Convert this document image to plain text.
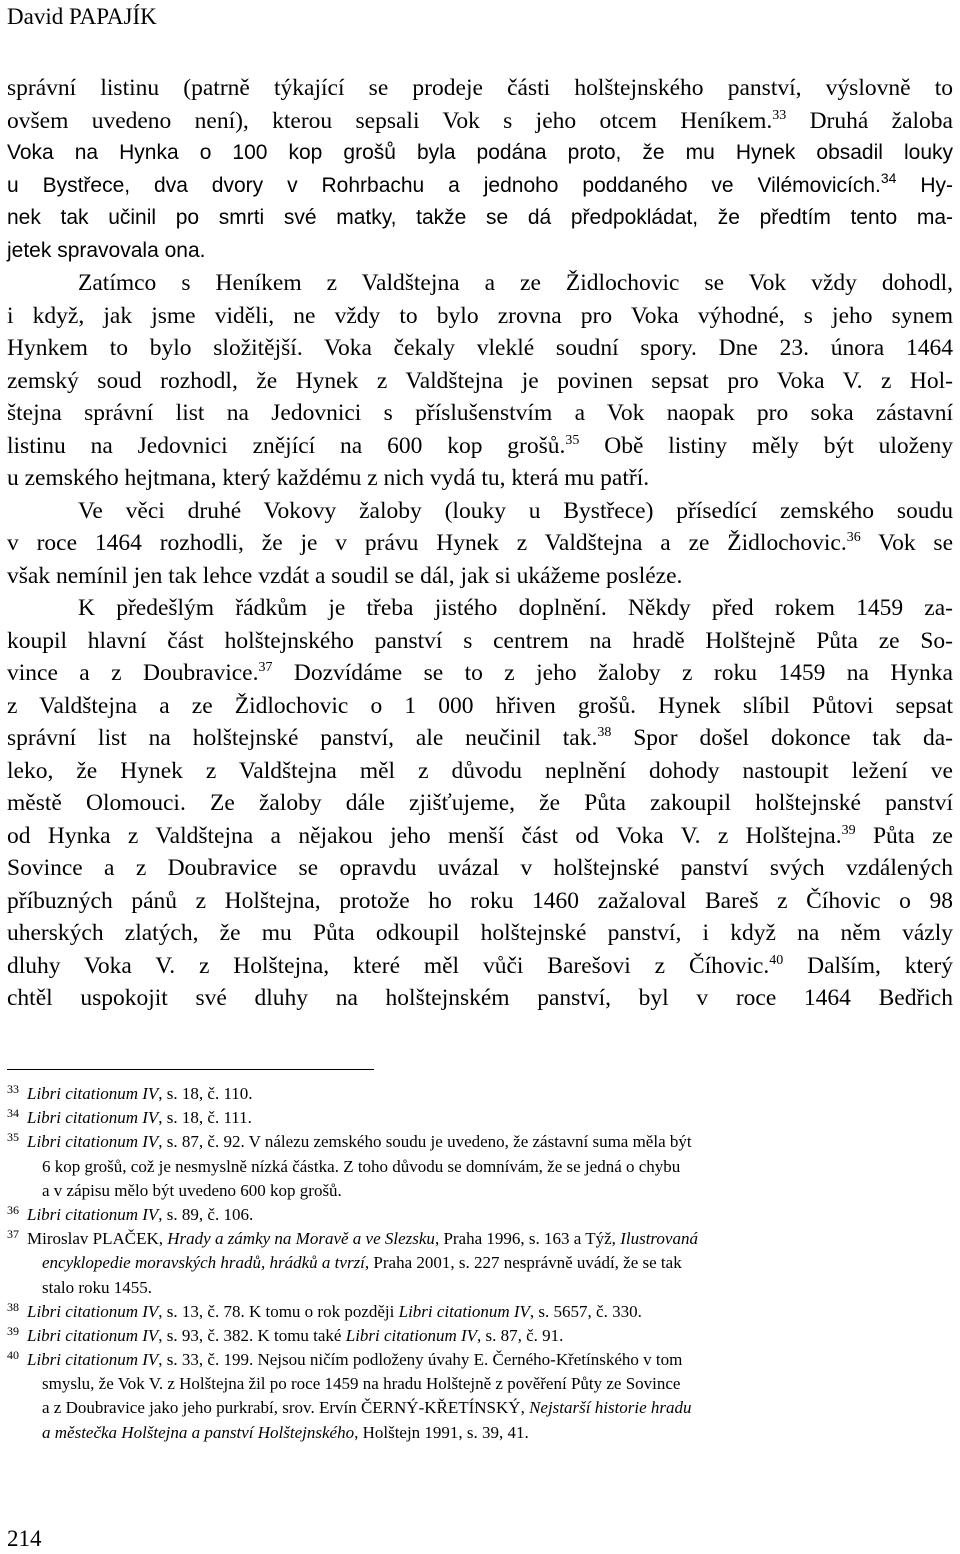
David PAPAJÍK
správní listinu (patrně týkající se prodeje části holštejnského panství, výslovně to
ovšem uvedeno není), kterou sepsali Vok s jeho otcem Heníkem.$^{33}$ Druhá žaloba
Voka na Hynka o 100 kop grošů byla podána proto, že mu Hynek obsadil louky
u Bystřece, dva dvory v Rohrbachu a jednoho poddaného ve Vilémovicích.$^{34}$ Hy-
nek tak učinil po smrti své matky, takže se dá předpokládat, že předtím tento ma-
jetek spravovala ona.
Zatímco s Heníkem z Valdštejna a ze Židlochovic se Vok vždy dohodl,
i když, jak jsme viděli, ne vždy to bylo zrovna pro Voka výhodné, s jeho synem
Hynkem to bylo složitější. Voka čekaly vleklé soudní spory. Dne 23. února 1464
zemský soud rozhodl, že Hynek z Valdštejna je povinen sepsat pro Voka V. z Hol-
štejna správní list na Jedovnici s příslušenstvím a Vok naopak pro soka zástavní
listinu na Jedovnici znějící na 600 kop grošů.$^{35}$ Obě listiny měly být uloženy
u zemského hejtmana, který každému z nich vydá tu, která mu patří.
Ve věci druhé Vokovy žaloby (louky u Bystřece) přísedící zemského soudu
v roce 1464 rozhodli, že je v právu Hynek z Valdštejna a ze Židlochovic.$^{36}$ Vok se
však nemínil jen tak lehce vzdát a soudil se dál, jak si ukážeme posléze.
K předešlým řádkům je třeba jistého doplnění. Někdy před rokem 1459 za-
koupil hlavní část holštejnského panství s centrem na hradě Holštejně Půta ze So-
vince a z Doubravice.$^{37}$ Dozvídáme se to z jeho žaloby z roku 1459 na Hynka
z Valdštejna a ze Židlochovic o 1 000 hřiven grošů. Hynek slíbil Půtovi sepsat
správní list na holštejnské panství, ale neučinil tak.$^{38}$ Spor došel dokonce tak da-
leko, že Hynek z Valdštejna měl z důvodu neplnění dohody nastoupit ležení ve
městě Olomouci. Ze žaloby dále zjišťujeme, že Půta zakoupil holštejnské panství
od Hynka z Valdštejna a nějakou jeho menší část od Voka V. z Holštejna.$^{39}$ Půta ze
Sovince a z Doubravice se opravdu uvázal v holštejnské panství svých vzdálených
příbuzných pánů z Holštejna, protože ho roku 1460 zažaloval Bareš z Číhovic o 98
uherských zlatých, že mu Půta odkoupil holštejnské panství, i když na něm vázly
dluhy Voka V. z Holštejna, které měl vůči Barešovi z Číhovic.$^{40}$ Dalším, který
chtěl uspokojit své dluhy na holštejnském panství, byl v roce 1464 Bedřich
33 Libri citationum IV, s. 18, č. 110.
34 Libri citationum IV, s. 18, č. 111.
35 Libri citationum IV, s. 87, č. 92. V nálezu zemského soudu je uvedeno, že zástavní suma měla být
6 kop grošů, což je nesmyslně nízká částka. Z toho důvodu se domnívám, že se jedná o chybu
a v zápisu mělo být uvedeno 600 kop grošů.
36 Libri citationum IV, s. 89, č. 106.
37 Miroslav PLAČEK, Hrady a zámky na Moravě a ve Slezsku, Praha 1996, s. 163 a Týž, Ilustrovaná
encyklopedie moravských hradů, hrádků a tvrzí, Praha 2001, s. 227 nesprávně uvádí, že se tak
stalo roku 1455.
38 Libri citationum IV, s. 13, č. 78. K tomu o rok později Libri citationum IV, s. 5657, č. 330.
39 Libri citationum IV, s. 93, č. 382. K tomu také Libri citationum IV, s. 87, č. 91.
40 Libri citationum IV, s. 33, č. 199. Nejsou ničím podloženy úvahy E. Černého-Křetínského v tom
smyslu, že Vok V. z Holštejna žil po roce 1459 na hradu Holštejně z pověření Půty ze Sovince
a z Doubravice jako jeho purkrabí, srov. Ervín ČERNÝ-KŘETÍNSKÝ, Nejstarší historie hradu
a městečka Holštejna a panství Holštejnského, Holštejn 1991, s. 39, 41.
214
